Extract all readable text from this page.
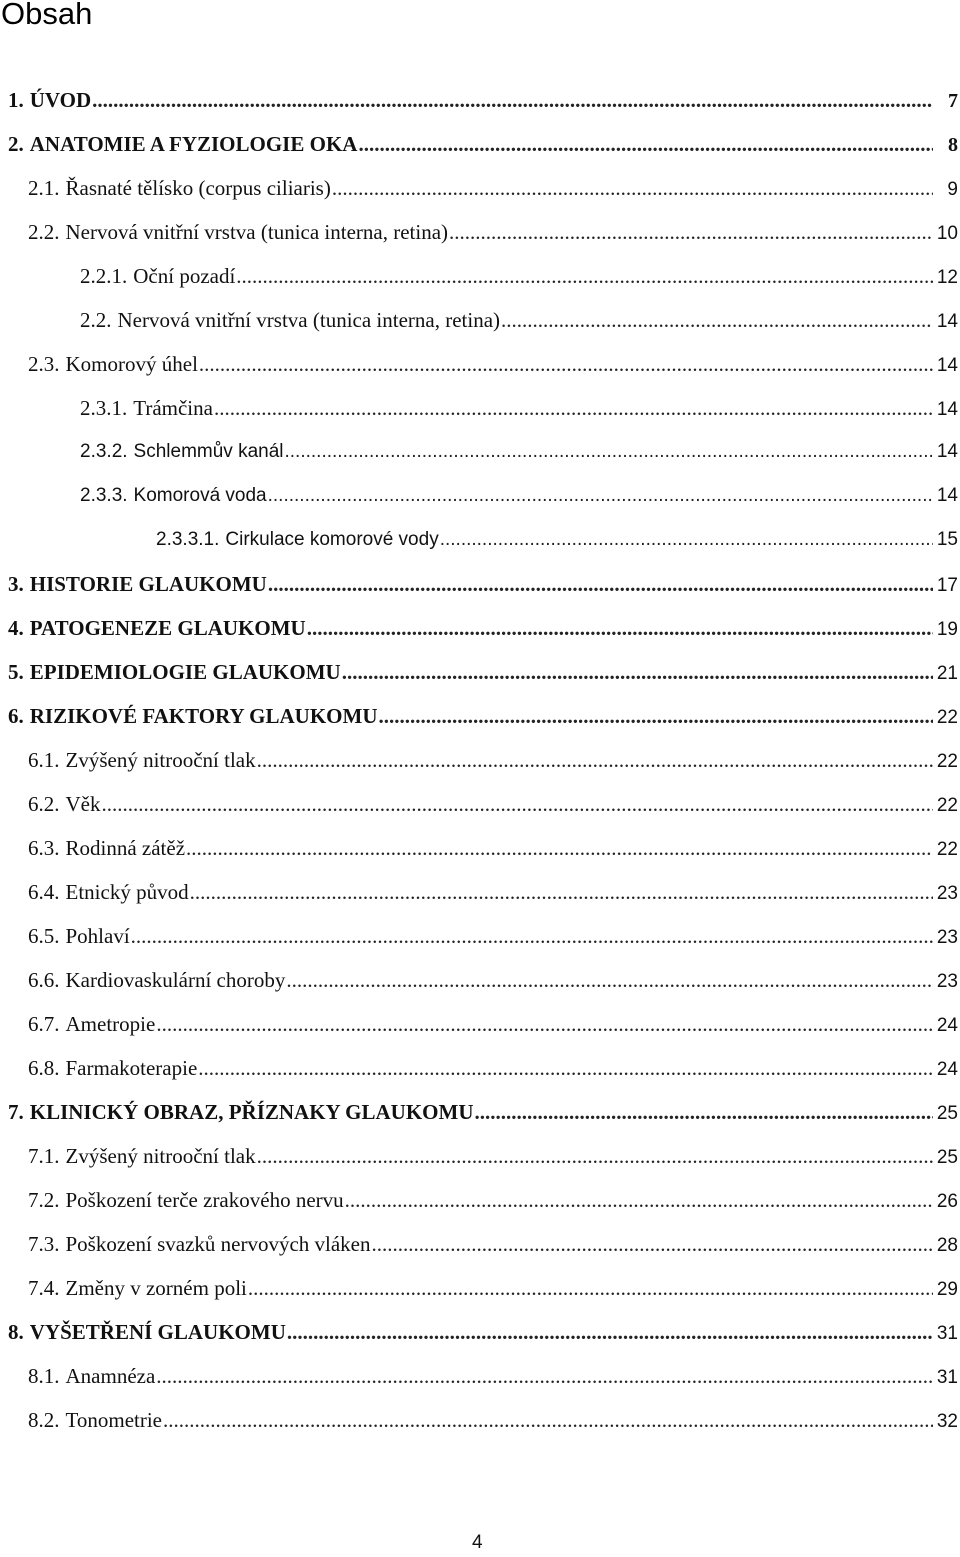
Obsah
1. ÚVOD .....	7
2. ANATOMIE A FYZIOLOGIE OKA .....	8
2.1. Řasnaté tělísko (corpus ciliaris) .....	9
2.2. Nervová vnitřní vrstva (tunica interna, retina) .....	10
2.2.1. Oční pozadí .....	12
2.2. Nervová vnitřní vrstva (tunica interna, retina) .....	14
2.3. Komorový úhel .....	14
2.3.1. Trámčina .....	14
2.3.2. Schlemmův kanál .....	14
2.3.3. Komorová voda .....	14
2.3.3.1. Cirkulace komorové vody .....	15
3. HISTORIE GLAUKOMU .....	17
4. PATOGENEZE GLAUKOMU .....	19
5. EPIDEMIOLOGIE GLAUKOMU .....	21
6. RIZIKOVÉ FAKTORY GLAUKOMU .....	22
6.1. Zvýšený nitrooční tlak .....	22
6.2. Věk .....	22
6.3. Rodinná zátěž .....	22
6.4. Etnický původ .....	23
6.5. Pohlaví .....	23
6.6. Kardiovaskulární choroby .....	23
6.7. Ametropie .....	24
6.8. Farmakoterapie .....	24
7. KLINICKÝ OBRAZ, PŘÍZNAKY GLAUKOMU .....	25
7.1. Zvýšený nitrooční tlak .....	25
7.2. Poškození terče zrakového nervu .....	26
7.3. Poškození svazků nervových vláken .....	28
7.4. Změny v zorném poli .....	29
8. VYŠETŘENÍ GLAUKOMU .....	31
8.1. Anamnéza .....	31
8.2. Tonometrie .....	32
4
